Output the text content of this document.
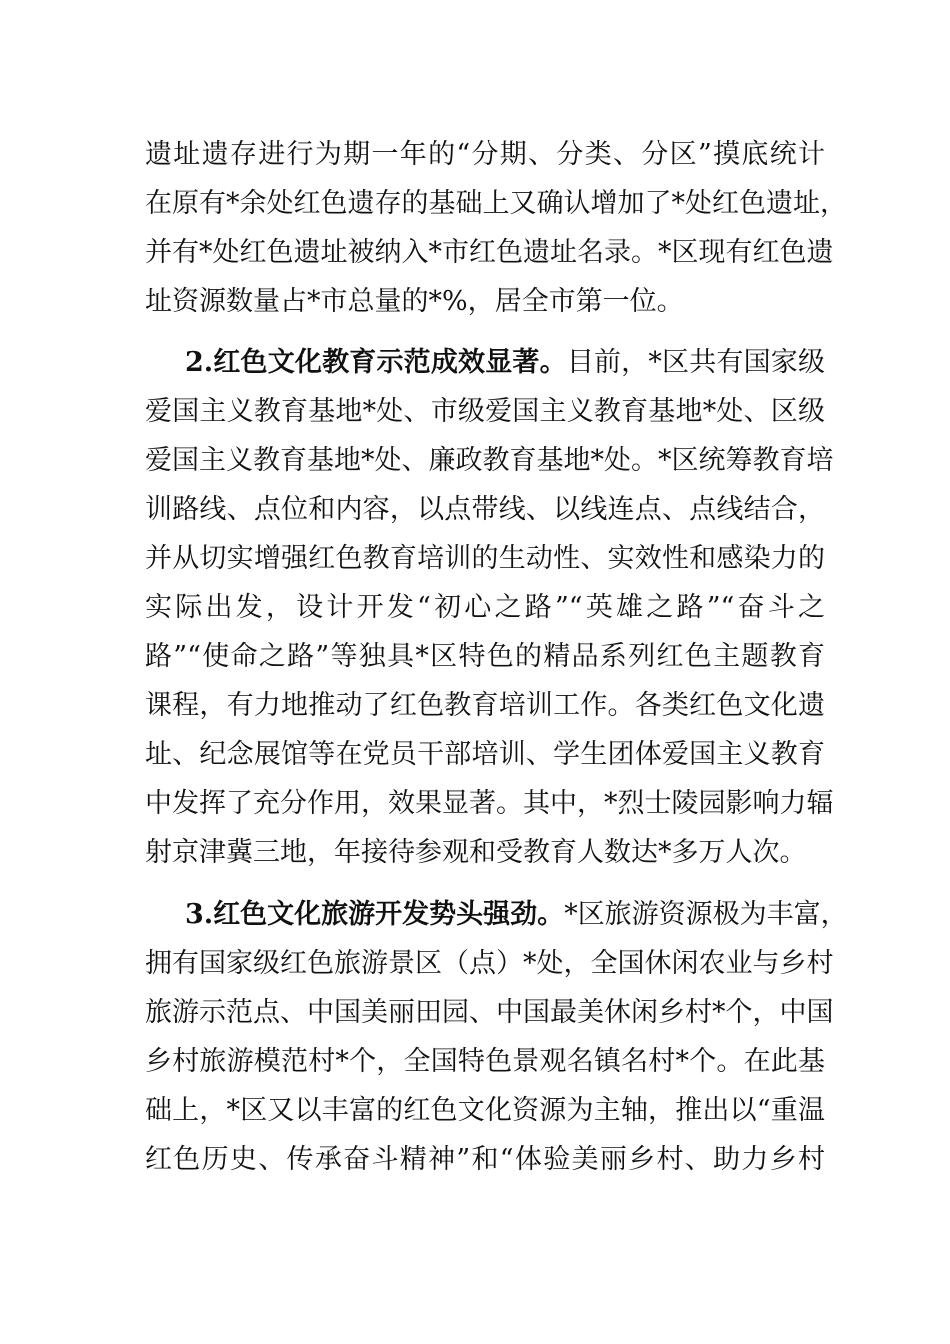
遗址遗存进行为期一年的“分期、分类、分区”摸底统计
在原有*余处红色遗存的基础上又确认增加了*处红色遗址，
并有*处红色遗址被纳入*市红色遗址名录。*区现有红色遗
址资源数量占*市总量的*%，居全市第一位。
2.红色文化教育示范成效显著。目前，*区共有国家级
爱国主义教育基地*处、市级爱国主义教育基地*处、区级
爱国主义教育基地*处、廉政教育基地*处。*区统筹教育培
训路线、点位和内容，以点带线、以线连点、点线结合，
并从切实增强红色教育培训的生动性、实效性和感染力的
实际出发，设计开发“初心之路”“英雄之路”“奋斗之
路”“使命之路”等独具*区特色的精品系列红色主题教育
课程，有力地推动了红色教育培训工作。各类红色文化遗
址、纪念展馆等在党员干部培训、学生团体爱国主义教育
中发挥了充分作用，效果显著。其中，*烈士陵园影响力辐
射京津冀三地，年接待参观和受教育人数达*多万人次。
3.红色文化旅游开发势头强劲。*区旅游资源极为丰富，
拥有国家级红色旅游景区（点）*处，全国休闲农业与乡村
旅游示范点、中国美丽田园、中国最美休闲乡村*个，中国
乡村旅游模范村*个，全国特色景观名镇名村*个。在此基
础上，*区又以丰富的红色文化资源为主轴，推出以“重温
红色历史、传承奋斗精神”和“体验美丽乡村、助力乡村
